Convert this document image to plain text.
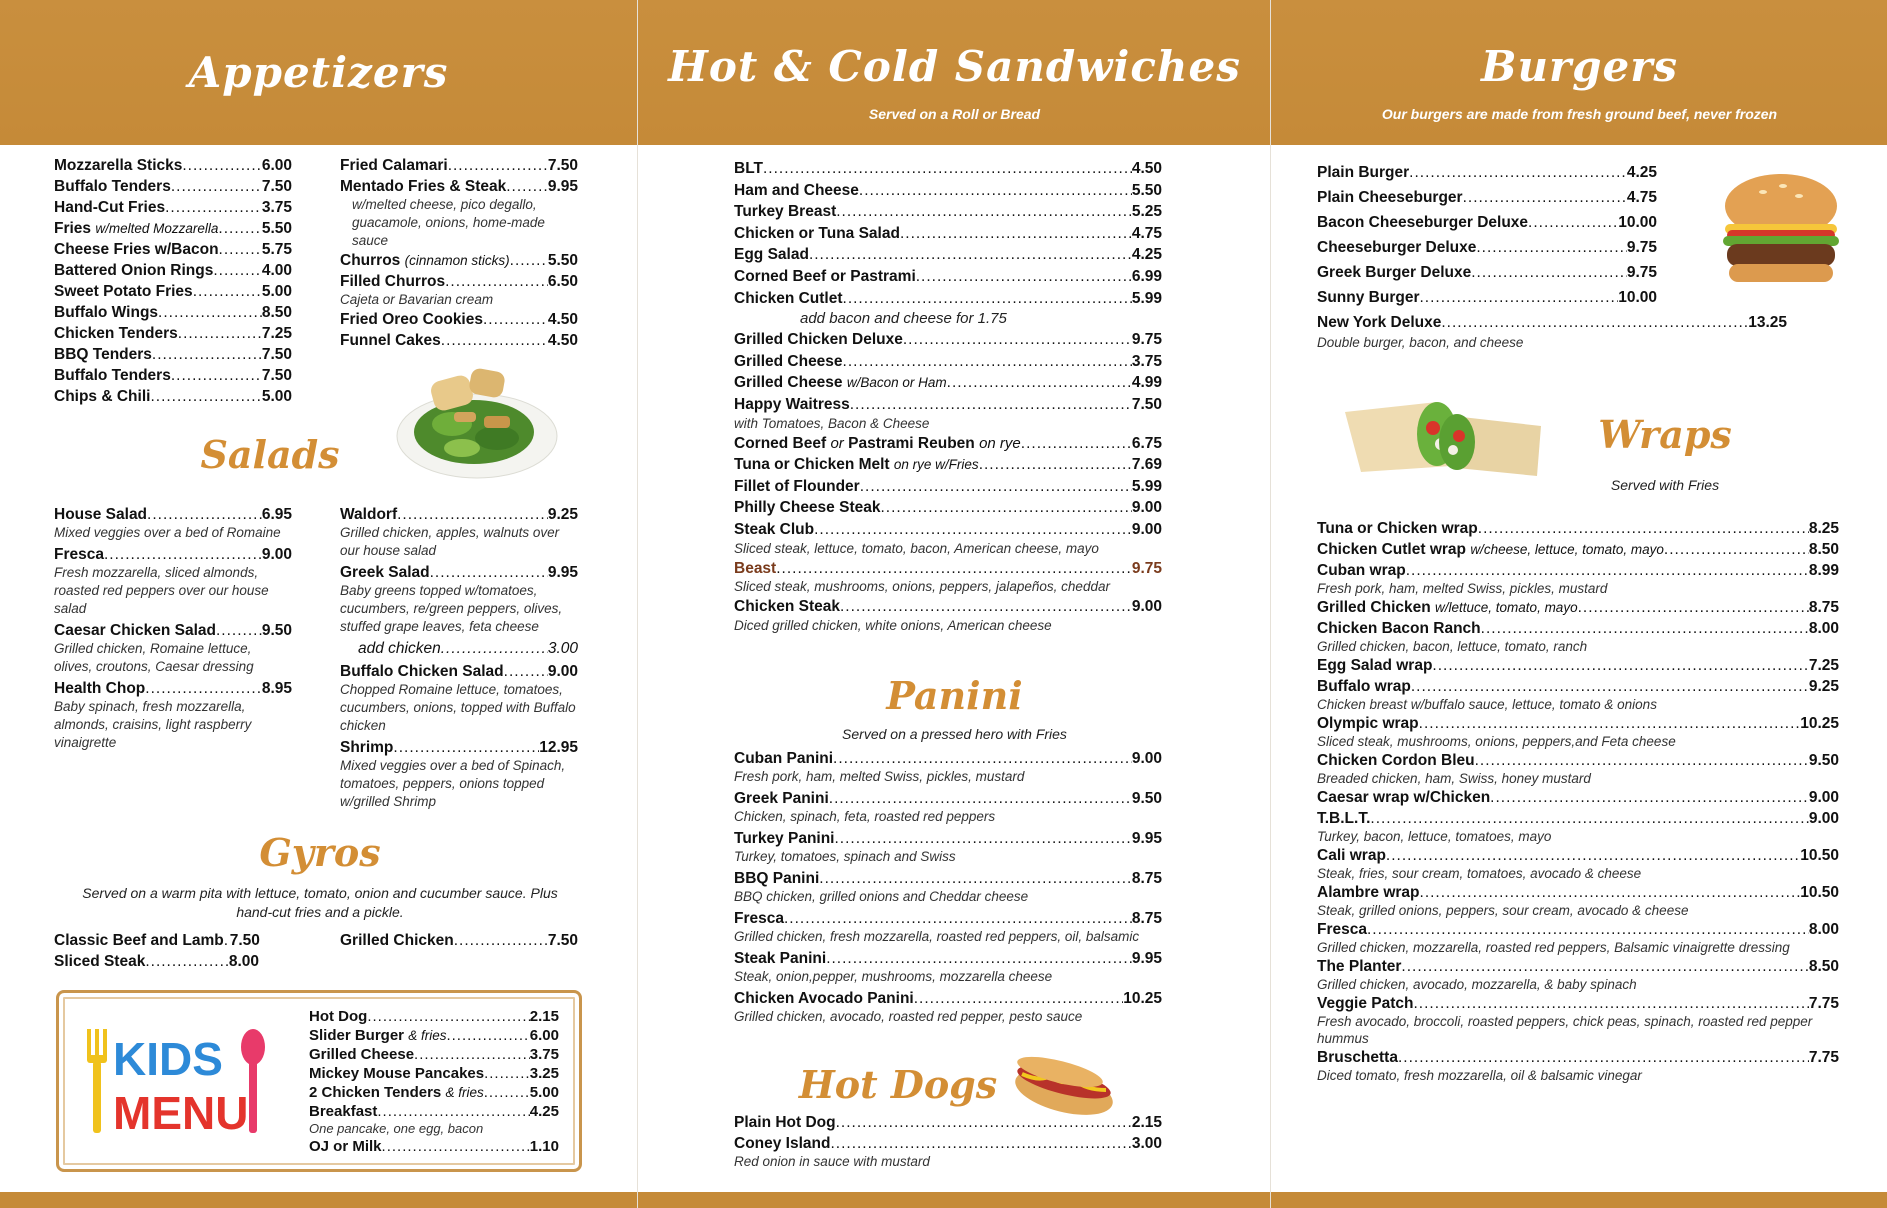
Appetizers
Mozzarella Sticks .....	6.00
Buffalo Tenders .....	7.50
Hand-Cut Fries .....	3.75
Fries w/melted Mozzarella .....	5.50
Cheese Fries w/Bacon .....	5.75
Battered Onion Rings .....	4.00
Sweet Potato Fries .....	5.00
Buffalo Wings .....	8.50
Chicken Tenders .....	7.25
BBQ Tenders .....	7.50
Buffalo Tenders .....	7.50
Chips & Chili .....	5.00
Fried Calamari .....	7.50
Mentado Fries & Steak .....	9.95
w/melted cheese, pico degallo, guacamole, onions, home-made sauce
Churros (cinnamon sticks) ..... 5.50
Filled Churros .....	6.50
Cajeta or Bavarian cream
Fried Oreo Cookies .....	4.50
Funnel Cakes .....	4.50
Salads
House Salad .....	6.95
Mixed veggies over a bed of Romaine
Fresca .....	9.00
Fresh mozzarella, sliced almonds, roasted red peppers over our house salad
Caesar Chicken Salad .....	9.50
Grilled chicken, Romaine lettuce, olives, croutons, Caesar dressing
Health Chop .....	8.95
Baby spinach, fresh mozzarella, almonds, craisins, light raspberry vinaigrette
Waldorf .....	9.25
Grilled chicken, apples, walnuts over our house salad
Greek Salad .....	9.95
Baby greens topped w/tomatoes, cucumbers, re/green peppers, olives, stuffed grape leaves, feta cheese
add chicken .....	3.00
Buffalo Chicken Salad .....	9.00
Chopped Romaine lettuce, tomatoes, cucumbers, onions, topped with Buffalo chicken
Shrimp .....	12.95
Mixed veggies over a bed of Spinach, tomatoes, peppers, onions topped w/grilled Shrimp
Gyros
Served on a warm pita with lettuce, tomato, onion and cucumber sauce. Plus hand-cut fries and a pickle.
Classic Beef and Lamb ..... 7.50
Sliced Steak .....	8.00
Grilled Chicken .....	7.50
KIDS
MENU
Hot Dog .....	2.15
Slider Burger & fries .....	6.00
Grilled Cheese .....	3.75
Mickey Mouse Pancakes .....	3.25
2 Chicken Tenders & fries .....	5.00
Breakfast .....	4.25
One pancake, one egg, bacon
OJ or Milk .....	1.10
Hot & Cold Sandwiches
Served on a Roll or Bread
BLT .....	4.50
Ham and Cheese .....	5.50
Turkey Breast .....	5.25
Chicken or Tuna Salad .....	4.75
Egg Salad .....	4.25
Corned Beef or Pastrami .....	6.99
Chicken Cutlet .....	5.99
add bacon and cheese for 1.75
Grilled Chicken Deluxe .....	9.75
Grilled Cheese .....	3.75
Grilled Cheese w/Bacon or Ham .....	4.99
Happy Waitress .....	7.50
with Tomatoes, Bacon & Cheese
Corned Beef or Pastrami Reuben on rye .....	6.75
Tuna or Chicken Melt on rye w/Fries .....	7.69
Fillet of Flounder .....	5.99
Philly Cheese Steak .....	9.00
Steak Club .....	9.00
Sliced steak, lettuce, tomato, bacon, American cheese, mayo
Beast .....	9.75
Sliced steak, mushrooms, onions, peppers, jalapeños, cheddar
Chicken Steak .....	9.00
Diced grilled chicken, white onions, American cheese
Panini
Served on a pressed hero with Fries
Cuban Panini .....	9.00
Fresh pork, ham, melted Swiss, pickles, mustard
Greek Panini .....	9.50
Chicken, spinach, feta, roasted red peppers
Turkey Panini .....	9.95
Turkey, tomatoes, spinach and Swiss
BBQ Panini .....	8.75
BBQ chicken, grilled onions and Cheddar cheese
Fresca .....	8.75
Grilled chicken, fresh mozzarella, roasted red peppers, oil, balsamic
Steak Panini .....	9.95
Steak, onion,pepper, mushrooms, mozzarella cheese
Chicken Avocado Panini .....	10.25
Grilled chicken, avocado, roasted red pepper, pesto sauce
Hot Dogs
Plain Hot Dog .....	2.15
Coney Island .....	3.00
Red onion in sauce with mustard
Burgers
Our burgers are made from fresh ground beef, never frozen
Plain Burger .....	4.25
Plain Cheeseburger .....	4.75
Bacon Cheeseburger Deluxe .....	10.00
Cheeseburger Deluxe .....	9.75
Greek Burger Deluxe .....	9.75
Sunny Burger .....	10.00
New York Deluxe .....	13.25
Double burger, bacon, and cheese
Wraps
Served with Fries
Tuna or Chicken wrap .....	8.25
Chicken Cutlet wrap w/cheese, lettuce, tomato, mayo .....	8.50
Cuban wrap .....	8.99
Fresh pork, ham, melted Swiss, pickles, mustard
Grilled Chicken w/lettuce, tomato, mayo .....	8.75
Chicken Bacon Ranch .....	8.00
Grilled chicken, bacon, lettuce, tomato, ranch
Egg Salad wrap .....	7.25
Buffalo wrap .....	9.25
Chicken breast w/buffalo sauce, lettuce, tomato & onions
Olympic wrap .....	10.25
Sliced steak, mushrooms, onions, peppers,and Feta cheese
Chicken Cordon Bleu .....	9.50
Breaded chicken, ham, Swiss, honey mustard
Caesar wrap w/Chicken .....	9.00
T.B.L.T. .....	9.00
Turkey, bacon, lettuce, tomatoes, mayo
Cali wrap .....	10.50
Steak, fries, sour cream, tomatoes, avocado & cheese
Alambre wrap .....	10.50
Steak, grilled onions, peppers, sour cream, avocado & cheese
Fresca .....	8.00
Grilled chicken, mozzarella, roasted red peppers, Balsamic vinaigrette dressing
The Planter .....	8.50
Grilled chicken, avocado, mozzarella, & baby spinach
Veggie Patch .....	7.75
Fresh avocado, broccoli, roasted peppers, chick peas, spinach, roasted red pepper hummus
Bruschetta .....	7.75
Diced tomato, fresh mozzarella, oil & balsamic vinegar
